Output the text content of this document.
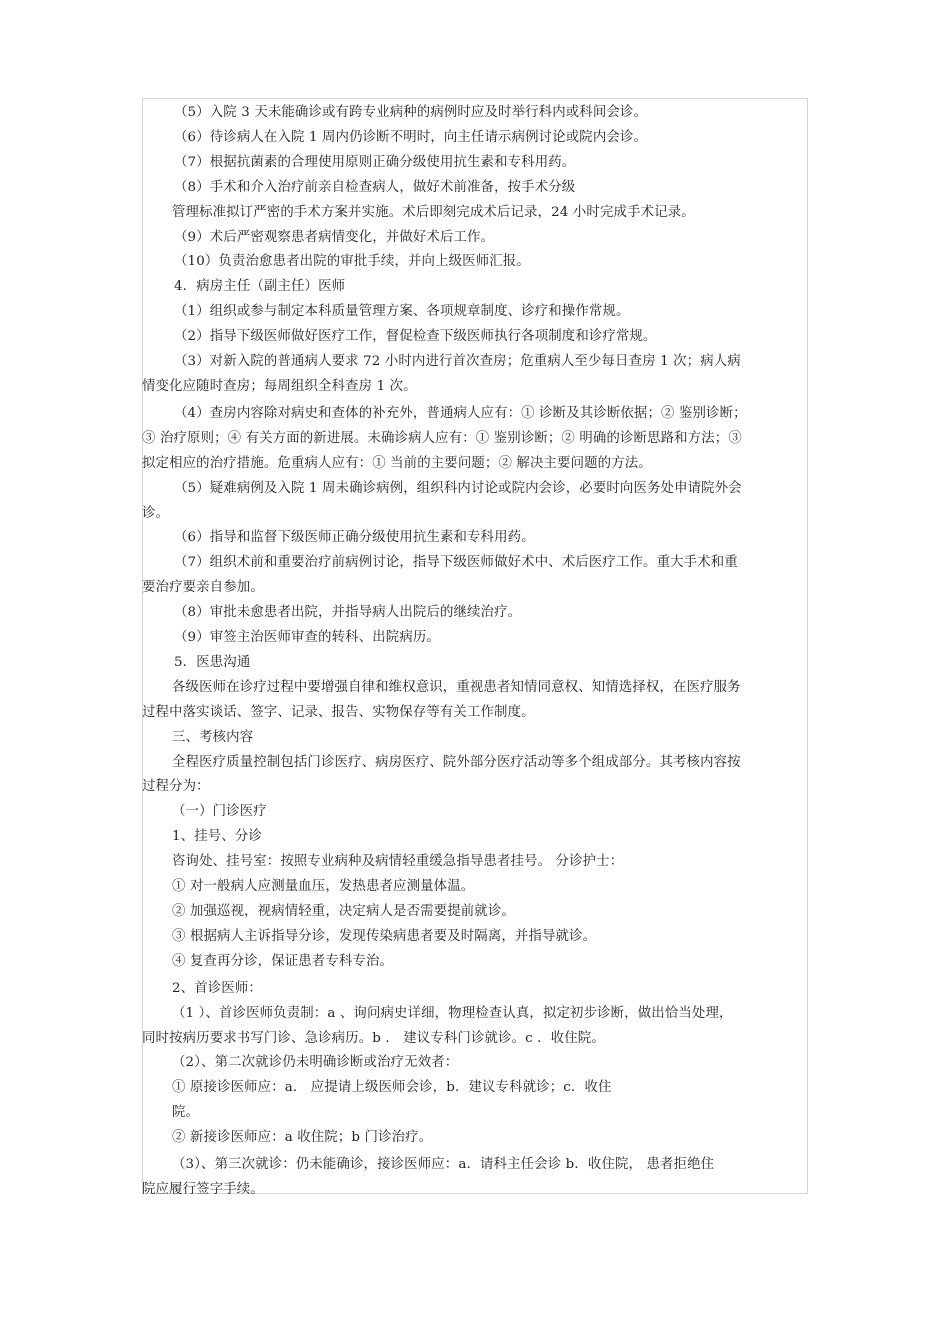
（5）入院 3 天未能确诊或有跨专业病种的病例时应及时举行科内或科间会诊。
（6）待诊病人在入院 1 周内仍诊断不明时，向主任请示病例讨论或院内会诊。
（7）根据抗菌素的合理使用原则正确分级使用抗生素和专科用药。
（8）手术和介入治疗前亲自检查病人，做好术前准备，按手术分级
管理标准拟订严密的手术方案并实施。术后即刻完成术后记录，24 小时完成手术记录。
（9）术后严密观察患者病情变化，并做好术后工作。
（10）负责治愈患者出院的审批手续，并向上级医师汇报。
4．病房主任（副主任）医师
（1）组织或参与制定本科质量管理方案、各项规章制度、诊疗和操作常规。
（2）指导下级医师做好医疗工作，督促检查下级医师执行各项制度和诊疗常规。
（3）对新入院的普通病人要求 72 小时内进行首次查房；危重病人至少每日查房 1 次；病人病
情变化应随时查房；每周组织全科查房 1 次。
（4）查房内容除对病史和查体的补充外，普通病人应有：① 诊断及其诊断依据；② 鉴别诊断；
③ 治疗原则；④ 有关方面的新进展。未确诊病人应有：① 鉴别诊断；② 明确的诊断思路和方法；③
拟定相应的治疗措施。危重病人应有：① 当前的主要问题；② 解决主要问题的方法。
（5）疑难病例及入院 1 周未确诊病例，组织科内讨论或院内会诊，必要时向医务处申请院外会
诊。
（6）指导和监督下级医师正确分级使用抗生素和专科用药。
（7）组织术前和重要治疗前病例讨论，指导下级医师做好术中、术后医疗工作。重大手术和重
要治疗要亲自参加。
（8）审批未愈患者出院，并指导病人出院后的继续治疗。
（9）审签主治医师审查的转科、出院病历。
5．医患沟通
各级医师在诊疗过程中要增强自律和维权意识，重视患者知情同意权、知情选择权，在医疗服务
过程中落实谈话、签字、记录、报告、实物保存等有关工作制度。
三、考核内容
全程医疗质量控制包括门诊医疗、病房医疗、院外部分医疗活动等多个组成部分。其考核内容按
过程分为：
（一）门诊医疗
1、挂号、分诊
咨询处、挂号室：按照专业病种及病情轻重缓急指导患者挂号。 分诊护士：
① 对一般病人应测量血压，发热患者应测量体温。
② 加强巡视，视病情轻重，决定病人是否需要提前就诊。
③ 根据病人主诉指导分诊，发现传染病患者要及时隔离，并指导就诊。
④ 复查再分诊，保证患者专科专治。
2、首诊医师：
（1 ）、首诊医师负责制：a 、询问病史详细，物理检查认真，拟定初步诊断，做出恰当处理，
同时按病历要求书写门诊、急诊病历。b ． 建议专科门诊就诊。c ．收住院。
（2）、第二次就诊仍未明确诊断或治疗无效者：
① 原接诊医师应：a． 应提请上级医师会诊，b．建议专科就诊；c．收住
院。
② 新接诊医师应：a 收住院；b 门诊治疗。
（3）、第三次就诊：仍未能确诊，接诊医师应：a．请科主任会诊 b．收住院， 患者拒绝住
院应履行签字手续。
